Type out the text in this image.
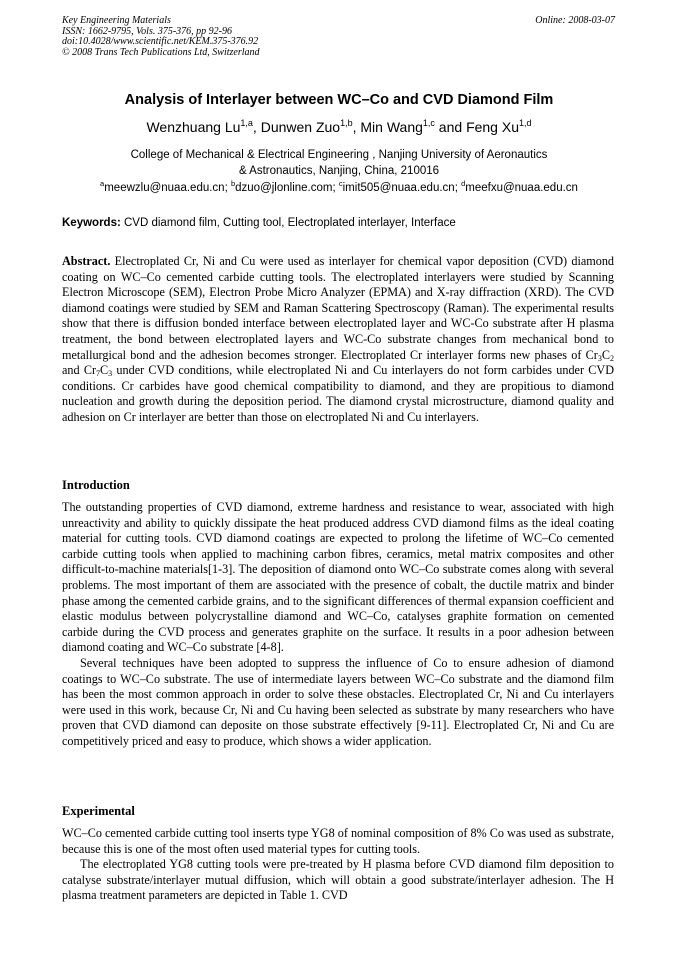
Key Engineering Materials
ISSN: 1662-9795, Vols. 375-376, pp 92-96
doi:10.4028/www.scientific.net/KEM.375-376.92
© 2008 Trans Tech Publications Ltd, Switzerland
Online: 2008-03-07
Analysis of Interlayer between WC–Co and CVD Diamond Film
Wenzhuang Lu$^{1,a}$, Dunwen Zuo$^{1,b}$, Min Wang$^{1,c}$ and Feng Xu$^{1,d}$
College of Mechanical & Electrical Engineering , Nanjing University of Aeronautics
& Astronautics, Nanjing, China, 210016
$^a$meewzlu@nuaa.edu.cn; $^b$dzuo@jlonline.com; $^c$imit505@nuaa.edu.cn; $^d$meefxu@nuaa.edu.cn
Keywords: CVD diamond film, Cutting tool, Electroplated interlayer, Interface

Abstract. Electroplated Cr, Ni and Cu were used as interlayer for chemical vapor deposition (CVD) diamond coating on WC–Co cemented carbide cutting tools. The electroplated interlayers were studied by Scanning Electron Microscope (SEM), Electron Probe Micro Analyzer (EPMA) and X-ray diffraction (XRD). The CVD diamond coatings were studied by SEM and Raman Scattering Spectroscopy (Raman). The experimental results show that there is diffusion bonded interface between electroplated layer and WC-Co substrate after H plasma treatment, the bond between electroplated layers and WC-Co substrate changes from mechanical bond to metallurgical bond and the adhesion becomes stronger. Electroplated Cr interlayer forms new phases of $Cr_3C_2$ and $Cr_7C_3$ under CVD conditions, while electroplated Ni and Cu interlayers do not form carbides under CVD conditions. Cr carbides have good chemical compatibility to diamond, and they are propitious to diamond nucleation and growth during the deposition period. The diamond crystal microstructure, diamond quality and adhesion on Cr interlayer are better than those on electroplated Ni and Cu interlayers.

Introduction

The outstanding properties of CVD diamond, extreme hardness and resistance to wear, associated with high unreactivity and ability to quickly dissipate the heat produced address CVD diamond films as the ideal coating material for cutting tools. CVD diamond coatings are expected to prolong the lifetime of WC–Co cemented carbide cutting tools when applied to machining carbon fibres, ceramics, metal matrix composites and other difficult-to-machine materials[1-3]. The deposition of diamond onto WC–Co substrate comes along with several problems. The most important of them are associated with the presence of cobalt, the ductile matrix and binder phase among the cemented carbide grains, and to the significant differences of thermal expansion coefficient and elastic modulus between polycrystalline diamond and WC–Co, catalyses graphite formation on cemented carbide during the CVD process and generates graphite on the surface. It results in a poor adhesion between diamond coating and WC–Co substrate [4-8].

Several techniques have been adopted to suppress the influence of Co to ensure adhesion of diamond coatings to WC–Co substrate. The use of intermediate layers between WC–Co substrate and the diamond film has been the most common approach in order to solve these obstacles. Electroplated Cr, Ni and Cu interlayers were used in this work, because Cr, Ni and Cu having been selected as substrate by many researchers who have proven that CVD diamond can deposite on those substrate effectively [9-11]. Electroplated Cr, Ni and Cu are competitively priced and easy to produce, which shows a wider application.

Experimental

WC–Co cemented carbide cutting tool inserts type YG8 of nominal composition of 8% Co was used as substrate, because this is one of the most often used material types for cutting tools.

The electroplated YG8 cutting tools were pre-treated by H plasma before CVD diamond film deposition to catalyse substrate/interlayer mutual diffusion, which will obtain a good substrate/interlayer adhesion. The H plasma treatment parameters are depicted in Table 1. CVD
